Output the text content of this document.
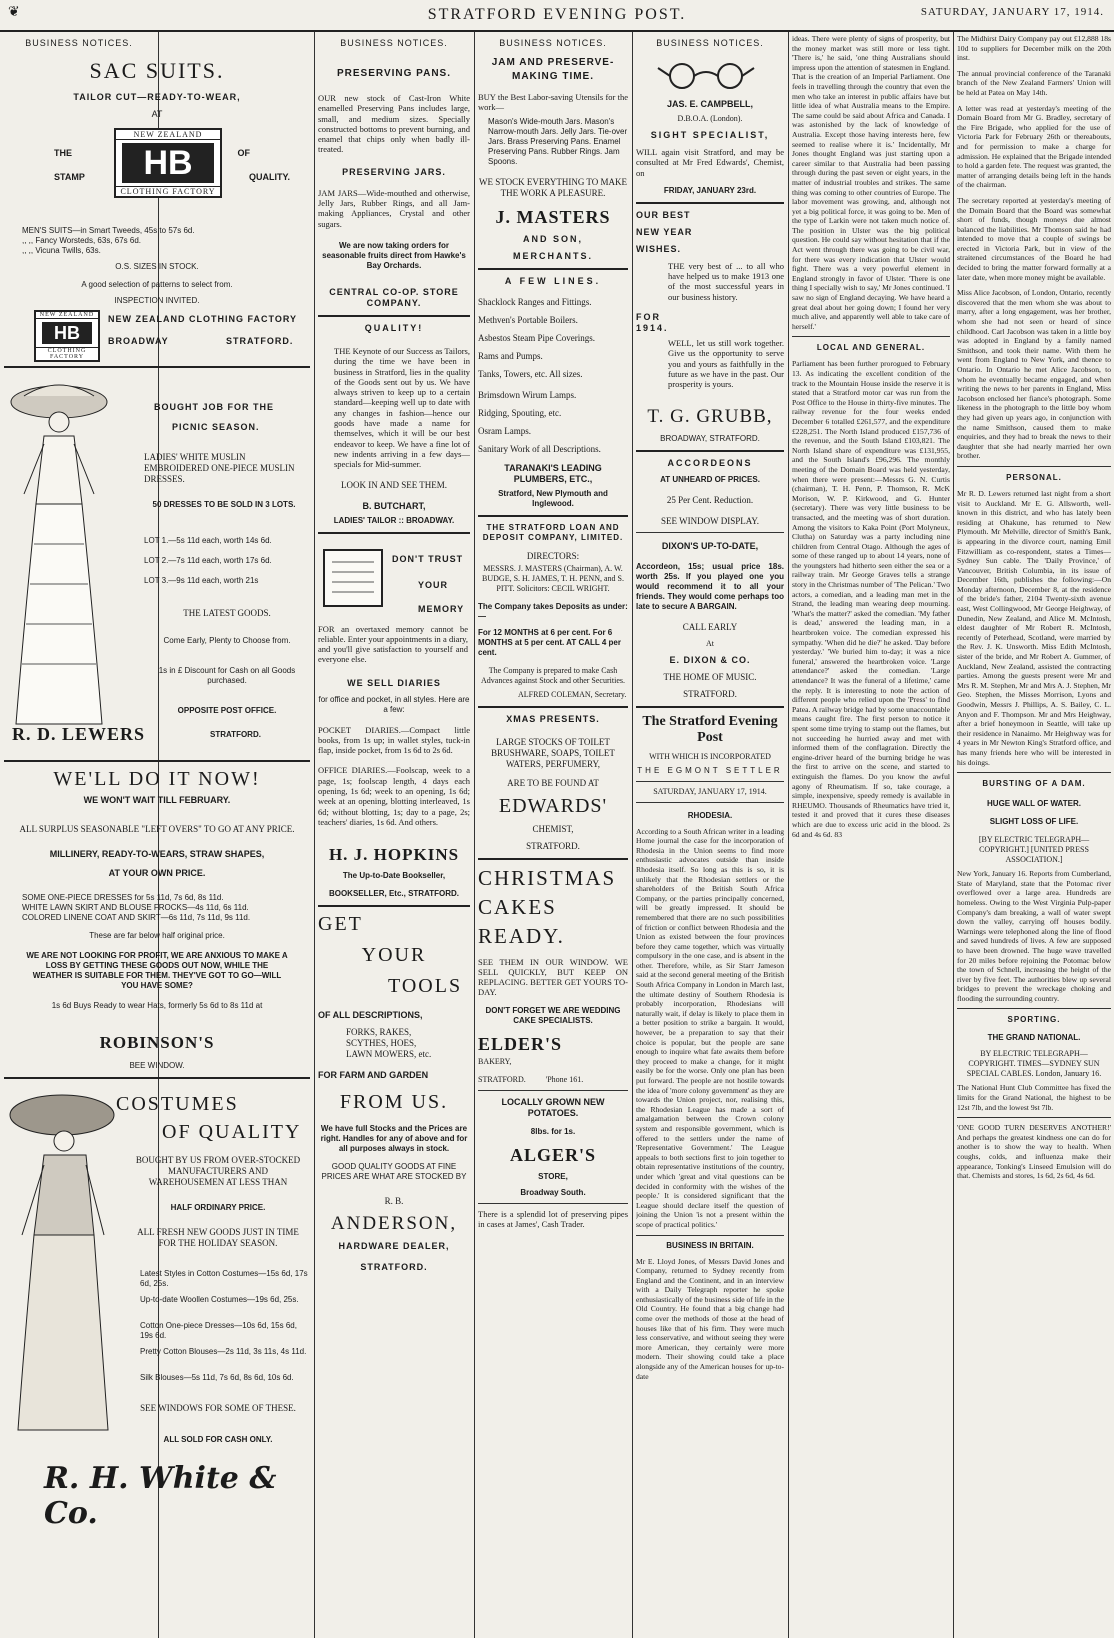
❦	STRATFORD EVENING POST.	SATURDAY, JANUARY 17, 1914.
BUSINESS NOTICES.
SAC SUITS.
TAILOR CUT—READY-TO-WEAR,
AT
THE
STAMP
OF
QUALITY.
NEW ZEALAND
HB
CLOTHING FACTORY
MEN'S SUITS—in Smart Tweeds, 45s to 57s 6d.
,, ,, Fancy Worsteds, 63s, 67s 6d.
,, ,, Vicuna Twills, 63s.
O.S. SIZES IN STOCK.
A good selection of patterns to select from.
INSPECTION INVITED.
NEW ZEALAND
HB
CLOTHING FACTORY
NEW ZEALAND CLOTHING FACTORY
BROADWAY	STRATFORD.
BOUGHT JOB FOR THE
PICNIC SEASON.
LADIES' WHITE MUSLIN EMBROIDERED ONE-PIECE MUSLIN DRESSES.
50 DRESSES TO BE SOLD IN 3 LOTS.
LOT 1.—5s 11d each, worth 14s 6d.
LOT 2.—7s 11d each, worth 17s 6d.
LOT 3.—9s 11d each, worth 21s
THE LATEST GOODS.
Come Early, Plenty to Choose from.
1s in £ Discount for Cash on all Goods purchased.
OPPOSITE POST OFFICE.
R. D. LEWERS	STRATFORD.
WE'LL DO IT NOW!
WE WON'T WAIT TILL FEBRUARY.
ALL SURPLUS SEASONABLE "LEFT OVERS" TO GO AT ANY PRICE.
MILLINERY, READY-TO-WEARS, STRAW SHAPES,
AT YOUR OWN PRICE.
SOME ONE-PIECE DRESSES for 5s 11d, 7s 6d, 8s 11d.
WHITE LAWN SKIRT AND BLOUSE FROCKS—4s 11d, 6s 11d.
COLORED LINENE COAT AND SKIRT—6s 11d, 7s 11d, 9s 11d.
These are far below half original price.
WE ARE NOT LOOKING FOR PROFIT, WE ARE ANXIOUS TO MAKE A LOSS BY GETTING THESE GOODS OUT NOW, WHILE THE WEATHER IS SUITABLE FOR THEM. THEY'VE GOT TO GO—WILL YOU HAVE SOME?
1s 6d Buys Ready to wear Hats, formerly 5s 6d to 8s 11d at
ROBINSON'S
BEE WINDOW.
COSTUMES
OF QUALITY
BOUGHT BY US FROM OVER-STOCKED MANUFACTURERS AND WAREHOUSEMEN AT LESS THAN
HALF ORDINARY PRICE.
ALL FRESH NEW GOODS JUST IN TIME FOR THE HOLIDAY SEASON.
Latest Styles in Cotton Costumes—15s 6d, 17s 6d, 25s.
Up-to-date Woollen Costumes—19s 6d, 25s.
Cotton One-piece Dresses—10s 6d, 15s 6d, 19s 6d.
Pretty Cotton Blouses—2s 11d, 3s 11s, 4s 11d.
Silk Blouses—5s 11d, 7s 6d, 8s 6d, 10s 6d.
SEE WINDOWS FOR SOME OF THESE.
ALL SOLD FOR CASH ONLY.
R. H. White & Co.
BUSINESS NOTICES.
PRESERVING PANS.
OUR new stock of Cast-Iron White enamelled Preserving Pans includes large, small, and medium sizes. Specially constructed bottoms to prevent burning, and enamel that chips only when badly ill-treated.
PRESERVING JARS.
JAM JARS—Wide-mouthed and otherwise, Jelly Jars, Rubber Rings, and all Jam-making Appliances, Crystal and other sugars.
We are now taking orders for seasonable fruits direct from Hawke's Bay Orchards.
CENTRAL CO-OP. STORE COMPANY.
QUALITY!
THE Keynote of our Success as Tailors, during the time we have been in business in Stratford, lies in the quality of the Goods sent out by us. We have always striven to keep up to a certain standard—keeping well up to date with any changes in fashion—hence our goods have made a name for themselves, which it will be our best endeavor to keep. We have a fine lot of new indents arriving in a few days—specials for Mid-summer.
LOOK IN AND SEE THEM.
B. BUTCHART,
LADIES' TAILOR :: BROADWAY.
DON'T TRUST
YOUR
MEMORY
FOR an overtaxed memory cannot be reliable. Enter your appointments in a diary, and you'll give satisfaction to yourself and everyone else.
WE SELL DIARIES
for office and pocket, in all styles. Here are a few:
POCKET DIARIES.—Compact little books, from 1s up; in wallet styles, tuck-in flap, inside pocket, from 1s 6d to 2s 6d.
OFFICE DIARIES.—Foolscap, week to a page, 1s; foolscap length, 4 days each opening, 1s 6d; week to an opening, 1s 6d; week at an opening, blotting interleaved, 1s 6d; without blotting, 1s; day to a page, 2s; teachers' diaries, 1s 6d. And others.
H. J. HOPKINS
The Up-to-Date Bookseller,
BOOKSELLER, Etc., STRATFORD.
GET
YOUR
TOOLS
OF ALL DESCRIPTIONS,
FORKS, RAKES, SCYTHES, HOES, LAWN MOWERS, etc.
FOR FARM AND GARDEN
FROM US.
We have full Stocks and the Prices are right. Handles for any of above and for all purposes always in stock.
GOOD QUALITY GOODS AT FINE PRICES ARE WHAT ARE STOCKED BY
R. B.
ANDERSON,
HARDWARE DEALER,
STRATFORD.
BUSINESS NOTICES.
JAM AND PRESERVE-MAKING TIME.
BUY the Best Labor-saving Utensils for the work—
Mason's Wide-mouth Jars. Mason's Narrow-mouth Jars. Jelly Jars. Tie-over Jars. Brass Preserving Pans. Enamel Preserving Pans. Rubber Rings. Jam Spoons.
WE STOCK EVERYTHING TO MAKE THE WORK A PLEASURE.
J. MASTERS
AND SON,
MERCHANTS.
A FEW LINES.
Shacklock Ranges and Fittings.
Methven's Portable Boilers.
Asbestos Steam Pipe Coverings.
Rams and Pumps.
Tanks, Towers, etc. All sizes.
Brimsdown Wirum Lamps.
Ridging, Spouting, etc.
Osram Lamps.
Sanitary Work of all Descriptions.
TARANAKI'S LEADING PLUMBERS, ETC.,
Stratford, New Plymouth and Inglewood.
THE STRATFORD LOAN AND DEPOSIT COMPANY, LIMITED.
DIRECTORS:
MESSRS. J. MASTERS (Chairman), A. W. BUDGE, S. H. JAMES, T. H. PENN, and S. PITT. Solicitors: CECIL WRIGHT.
The Company takes Deposits as under:—
For 12 MONTHS at 6 per cent. For 6 MONTHS at 5 per cent. AT CALL 4 per cent.
The Company is prepared to make Cash Advances against Stock and other Securities.
ALFRED COLEMAN, Secretary.
XMAS PRESENTS.
LARGE STOCKS OF TOILET BRUSHWARE, SOAPS, TOILET WATERS, PERFUMERY,
ARE TO BE FOUND AT
EDWARDS'
CHEMIST,
STRATFORD.
CHRISTMAS
CAKES
READY.
SEE THEM IN OUR WINDOW. WE SELL QUICKLY, BUT KEEP ON REPLACING. BETTER GET YOURS TO-DAY.
DON'T FORGET WE ARE WEDDING CAKE SPECIALISTS.
ELDER'S
BAKERY,
STRATFORD.          'Phone 161.
LOCALLY GROWN NEW POTATOES.
8lbs. for 1s.
ALGER'S
STORE,
Broadway South.
There is a splendid lot of preserving pipes in cases at James', Cash Trader.
BUSINESS NOTICES.
JAS. E. CAMPBELL,
D.B.O.A. (London).
SIGHT SPECIALIST,
WILL again visit Stratford, and may be consulted at Mr Fred Edwards', Chemist, on
FRIDAY, JANUARY 23rd.
OUR BEST
NEW YEAR
WISHES.
THE very best of ... to all who have helped us to make 1913 one of the most successful years in our business history.
FOR 1914.
WELL, let us still work together. Give us the opportunity to serve you and yours as faithfully in the future as we have in the past. Our prosperity is yours.
T. G. GRUBB,
BROADWAY, STRATFORD.
ACCORDEONS
AT UNHEARD OF PRICES.
25 Per Cent. Reduction.
SEE WINDOW DISPLAY.
DIXON'S UP-TO-DATE,
Accordeon, 15s; usual price 18s. worth 25s. If you played one you would recommend it to all your friends. They would come perhaps too late to secure A BARGAIN.
CALL EARLY
At
E. DIXON & CO.
THE HOME OF MUSIC.
STRATFORD.
The Stratford Evening Post
WITH WHICH IS INCORPORATED
THE EGMONT SETTLER
SATURDAY, JANUARY 17, 1914.
RHODESIA.
According to a South African writer in a leading Home journal the case for the incorporation of Rhodesia in the Union seems to find more enthusiastic advocates outside than inside Rhodesia itself. So long as this is so, it is unlikely that the Rhodesian settlers or the shareholders of the British South Africa Company, or the parties principally concerned, will be greatly impressed. It should be remembered that there are no such possibilities of friction or conflict between Rhodesia and the Union as existed between the four provinces before they came together, which was virtually compulsory in the one case, and is absent in the other. Therefore, while, as Sir Starr Jameson said at the second general meeting of the British South Africa Company in London in March last, the ultimate destiny of Southern Rhodesia is probably incorporation, Rhodesians will naturally wait, if delay is likely to place them in a better position to strike a bargain. It would, however, be a preparation to say that their choice is popular, but the people are sane enough to inquire what fate awaits them before they proceed to make a change, for it might easily be for the worse. Only one plan has been put forward. The people are not hostile towards the idea of 'more colony government' as they are towards the Union project, nor, realising this, the Rhodesian League has made a sort of amalgamation between the Crown colony system and responsible government, which is offered to the settlers under the name of 'Representative Government.' The League appeals to both sections first to join together to obtain representative institutions of the country, under which 'great and vital questions can be decided in conformity with the wishes of the people.' It is considered significant that the League should declare itself the question of joining the Union 'is not a present within the scope of practical politics.'
BUSINESS IN BRITAIN.
Mr E. Lloyd Jones, of Messrs David Jones and Company, returned to Sydney recently from England and the Continent, and in an interview with a Daily Telegraph reporter he spoke enthusiastically of the business side of life in the Old Country. He found that a big change had come over the methods of those at the head of houses like that of his firm. They were much less conservative, and without seeing they were more American, they certainly were more modern. Their showing could take a place alongside any of the American houses for up-to-date
ideas. There were plenty of signs of prosperity, but the money market was still more or less tight. 'There is,' he said, 'one thing Australians should impress upon the attention of statesmen in England. That is the creation of an Imperial Parliament. One feels in travelling through the country that even the men who take an interest in public affairs have but little idea of what Australia means to the Empire. The same could be said about Africa and Canada. I was astonished by the lack of knowledge of Australia. Except those having interests here, few seemed to realise where it is.' Incidentally, Mr Jones thought England was just starting upon a career similar to that Australia had been passing through during the past seven or eight years, in the matter of industrial troubles and strikes. The same thing was coming to other countries of Europe. The labor movement was growing, and, although not yet a big political force, it was going to be. Men of the type of Larkin were not taken much notice of. The position in Ulster was the big political question. He could say without hesitation that if the Act went through there was going to be civil war, for there was every indication that Ulster would fight. There was a very powerful element in England strongly in favor of Ulster. 'There is one thing I specially wish to say,' Mr Jones continued. 'I saw no sign of England decaying. We have heard a great deal about her going down; I found her very much alive, and apparently well able to take care of herself.'
LOCAL AND GENERAL.
Parliament has been further prorogued to February 13. As indicating the excellent condition of the track to the Mountain House inside the reserve it is stated that a Stratford motor car was run from the Post Office to the House in thirty-five minutes. The railway revenue for the four weeks ended December 6 totalled £261,577, and the expenditure £228,251. The North Island produced £157,736 of the revenue, and the South Island £103,821. The North Island share of expenditure was £131,955, and the South Island's £96,296. The monthly meeting of the Domain Board was held yesterday, when there were present:—Messrs G. N. Curtis (chairman), T. H. Penn, P. Thomson, R. McK Morison, W. P. Kirkwood, and G. Hunter (secretary). There was very little business to be transacted, and the meeting was of short duration. Among the visitors to Kaka Point (Port Molyneux, Clutha) on Saturday was a party including nine children from Central Otago. Although the ages of some of these ranged up to about 14 years, none of the youngsters had hitherto seen either the sea or a railway train. Mr George Graves tells a strange story in the Christmas number of 'The Pelican.' Two actors, a comedian, and a leading man met in the Strand, the leading man wearing deep mourning. 'What's the matter?' asked the comedian. 'My father is dead,' answered the leading man, in a heartbroken voice. The comedian expressed his sympathy. 'When did he die?' he asked. 'Day before yesterday.' 'We buried him to-day; it was a nice funeral,' answered the heartbroken voice. 'Large attendance?' asked the comedian. 'Large attendance? It was the funeral of a lifetime,' came the reply. It is interesting to note the action of different people who relied upon the 'Press' to find Patea. A railway bridge had by some unaccountable means caught fire. The first person to notice it spent some time trying to stamp out the flames, but not succeeding he hurried away and met with informed them of the conflagration. Directly the engine-driver heard of the burning bridge he was the first to arrive on the scene, and started to extinguish the flames. Do you know the awful agony of Rheumatism. If so, take courage, a simple, inexpensive, speedy remedy is available in RHEUMO. Thousands of Rheumatics have tried it, tested it and proved that it cures these diseases which are due to excess uric acid in the blood. 2s 6d and 4s 6d. 83
The Midhirst Dairy Company pay out £12,888 18s 10d to suppliers for December milk on the 20th inst.
The annual provincial conference of the Taranaki branch of the New Zealand Farmers' Union will be held at Patea on May 14th.
A letter was read at yesterday's meeting of the Domain Board from Mr G. Bradley, secretary of the Fire Brigade, who applied for the use of Victoria Park for February 26th or thereabouts, and for permission to make a charge for admission. He explained that the Brigade intended to hold a garden fete. The request was granted, the matter of arranging details being left in the hands of the chairman.
The secretary reported at yesterday's meeting of the Domain Board that the Board was somewhat short of funds, though moneys due almost balanced the liabilities. Mr Thomson said he had intended to move that a couple of swings be erected in Victoria Park, but in view of the straitened circumstances of the Board he had decided to bring the matter forward formally at a later date, when more money might be available.
Miss Alice Jacobson, of London, Ontario, recently discovered that the men whom she was about to marry, after a long engagement, was her brother, whom she had not seen or heard of since childhood. Carl Jacobson was taken in a little boy was adopted in England by a family named Smithson, and took their name. With them he went from England to New York, and thence to Ontario. In Ontario he met Alice Jacobson, to whom he eventually became engaged, and when writing the news to her parents in England, Miss Jacobson enclosed her fiance's photograph. Some likeness in the photograph to the little boy whom they had given up years ago, in conjunction with the name Smithson, caused them to make enquiries, and they had to break the news to their daughter that she had nearly married her own brother.
PERSONAL.
Mr R. D. Lewers returned last night from a short visit to Auckland. Mr E. G. Allsworth, well-known in this district, and who has lately been residing at Ohakune, has returned to New Plymouth. Mr Melville, director of Smith's Bank, is appearing in the divorce court, naming Emil Fitzwilliam as co-respondent, states a Times—Sydney Sun cable. The 'Daily Province,' of Vancouver, British Columbia, in its issue of December 16th, publishes the following:—On Monday afternoon, December 8, at the residence of the bride's father, 2104 Twenty-sixth avenue east, West Collingwood, Mr George Heighway, of Dunedin, New Zealand, and Alice M. McIntosh, eldest daughter of Mr Robert R. McIntosh, recently of Peterhead, Scotland, were married by the Rev. J. K. Unsworth. Miss Edith McIntosh, sister of the bride, and Mr Robert A. Gummer, of Auckland, New Zealand, assisted the contracting parties. Among the guests present were Mr and Mrs R. M. Stephen, Mr and Mrs A. J. Stephen, Mr Geo. Stephen, the Misses Morrison, Lyons and Goodwin, Messrs J. Phillips, A. S. Bailey, C. L. Anyon and F. Thompson. Mr and Mrs Heighway, after a brief honeymoon in Seattle, will take up their residence in Nanaimo. Mr Heighway was for 4 years in Mr Newton King's Stratford office, and has many friends here who will be interested in his doings.
BURSTING OF A DAM.
HUGE WALL OF WATER.
SLIGHT LOSS OF LIFE.
[BY ELECTRIC TELEGRAPH—COPYRIGHT.] [UNITED PRESS ASSOCIATION.]
New York, January 16. Reports from Cumberland, State of Maryland, state that the Potomac river overflowed over a large area. Hundreds are homeless. Owing to the West Virginia Pulp-paper Company's dam breaking, a wall of water swept down the valley, carrying off houses bodily. Warnings were telephoned along the line of flood and saved hundreds of lives. A few are supposed to have been drowned. The huge wave travelled for 20 miles before rejoining the Potomac below the town of Schnell, increasing the height of the river by five feet. The authorities blew up several bridges to prevent the wreckage choking and flooding the surrounding country.
SPORTING.
THE GRAND NATIONAL.
BY ELECTRIC TELEGRAPH—COPYRIGHT. TIMES—SYDNEY SUN SPECIAL CABLES. London, January 16.
The National Hunt Club Committee has fixed the limits for the Grand National, the highest to be 12st 7lb, and the lowest 9st 7lb.
'ONE GOOD TURN DESERVES ANOTHER!' And perhaps the greatest kindness one can do for another is to show the way to health. When coughs, colds, and influenza make their appearance, Tonking's Linseed Emulsion will do that. Chemists and stores, 1s 6d, 2s 6d, 4s 6d.
